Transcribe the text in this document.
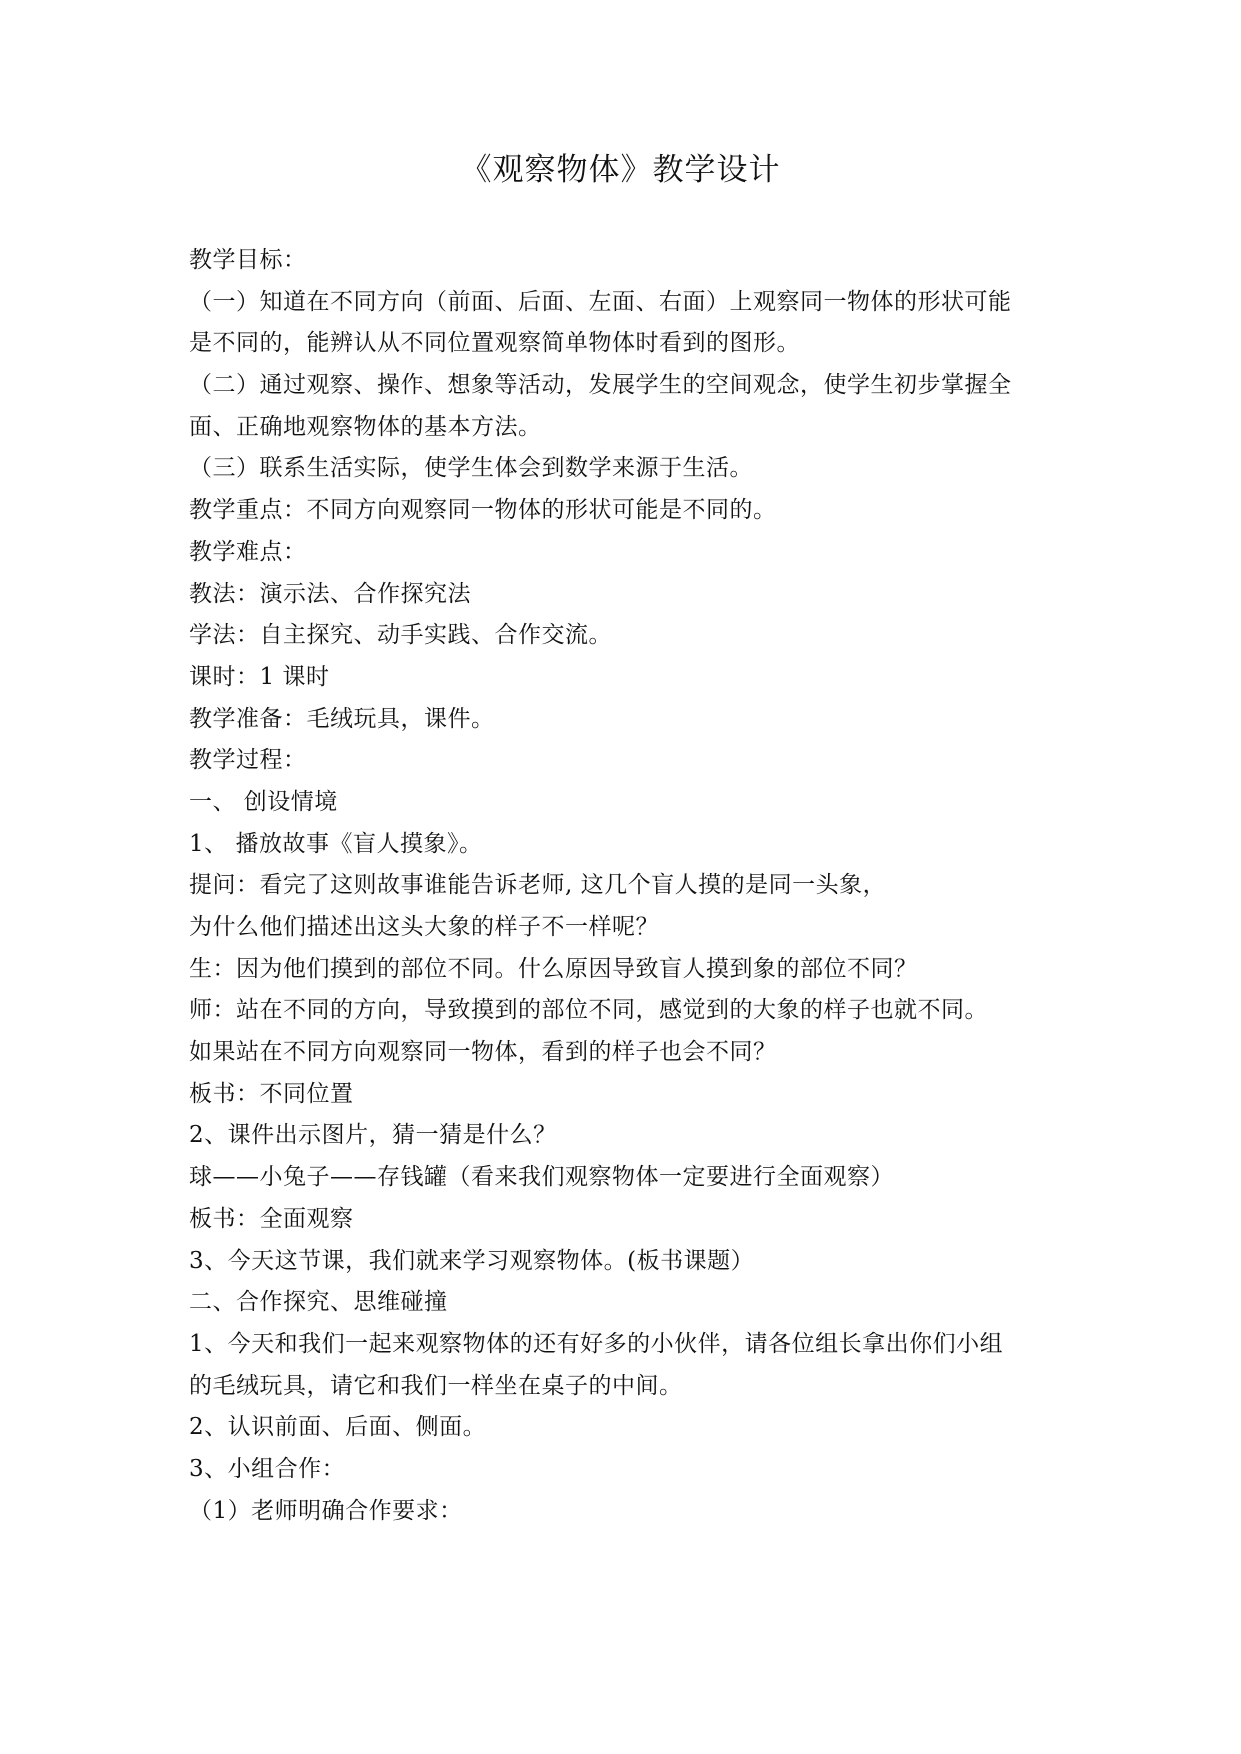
《观察物体》教学设计
教学目标：
（一）知道在不同方向（前面、后面、左面、右面）上观察同一物体的形状可能
是不同的，能辨认从不同位置观察简单物体时看到的图形。
（二）通过观察、操作、想象等活动，发展学生的空间观念，使学生初步掌握全
面、正确地观察物体的基本方法。
（三）联系生活实际，使学生体会到数学来源于生活。
教学重点：不同方向观察同一物体的形状可能是不同的。
教学难点：
教法：演示法、合作探究法
学法：自主探究、动手实践、合作交流。
课时：1 课时
教学准备：毛绒玩具，课件。
教学过程：
一、 创设情境
1、 播放故事《盲人摸象》。
提问：看完了这则故事谁能告诉老师, 这几个盲人摸的是同一头象，
为什么他们描述出这头大象的样子不一样呢？
生：因为他们摸到的部位不同。什么原因导致盲人摸到象的部位不同？
师：站在不同的方向，导致摸到的部位不同，感觉到的大象的样子也就不同。
如果站在不同方向观察同一物体，看到的样子也会不同？
板书：不同位置
2、课件出示图片，猜一猜是什么？
球——小兔子——存钱罐（看来我们观察物体一定要进行全面观察）
板书：全面观察
3、今天这节课，我们就来学习观察物体。(板书课题）
二、合作探究、思维碰撞
1、今天和我们一起来观察物体的还有好多的小伙伴，请各位组长拿出你们小组
的毛绒玩具，请它和我们一样坐在桌子的中间。
2、认识前面、后面、侧面。
3、小组合作：
（1）老师明确合作要求：
